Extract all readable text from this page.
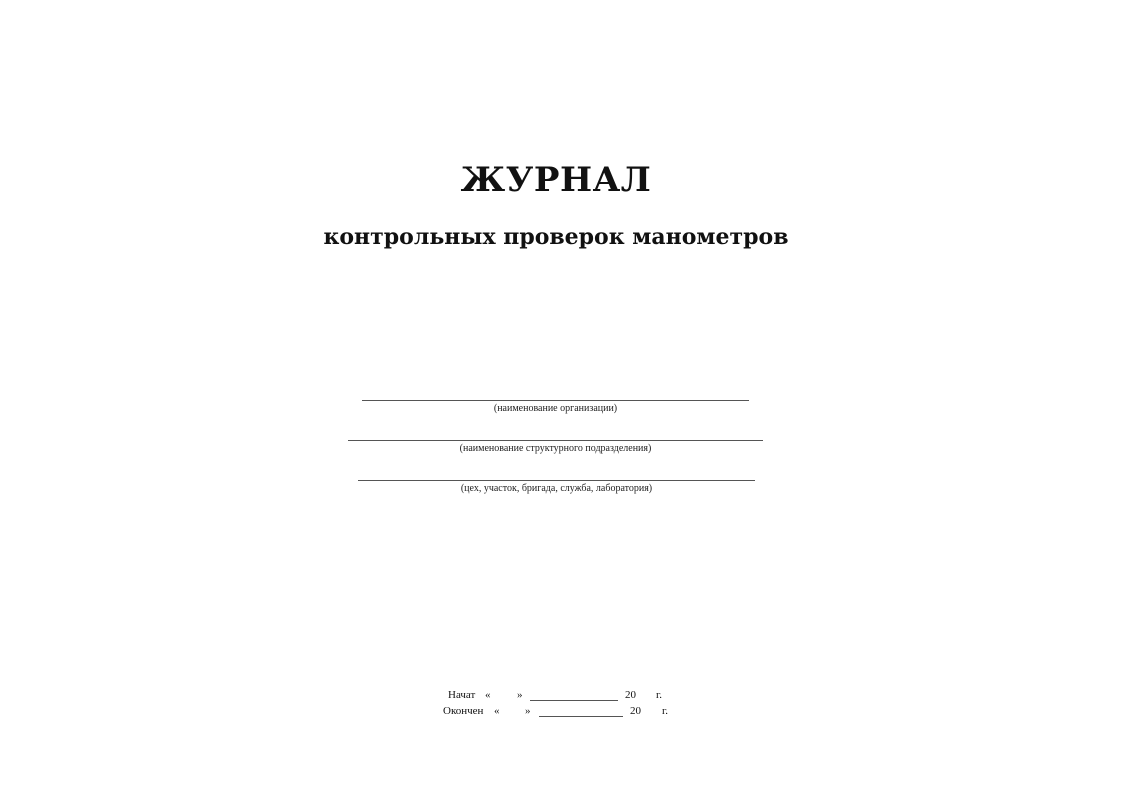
ЖУРНАЛ
контрольных проверок манометров
(наименование организации)
(наименование структурного подразделения)
(цех, участок, бригада, служба, лаборатория)
Начат « »	20 г.
Окончен « »	20 г.
